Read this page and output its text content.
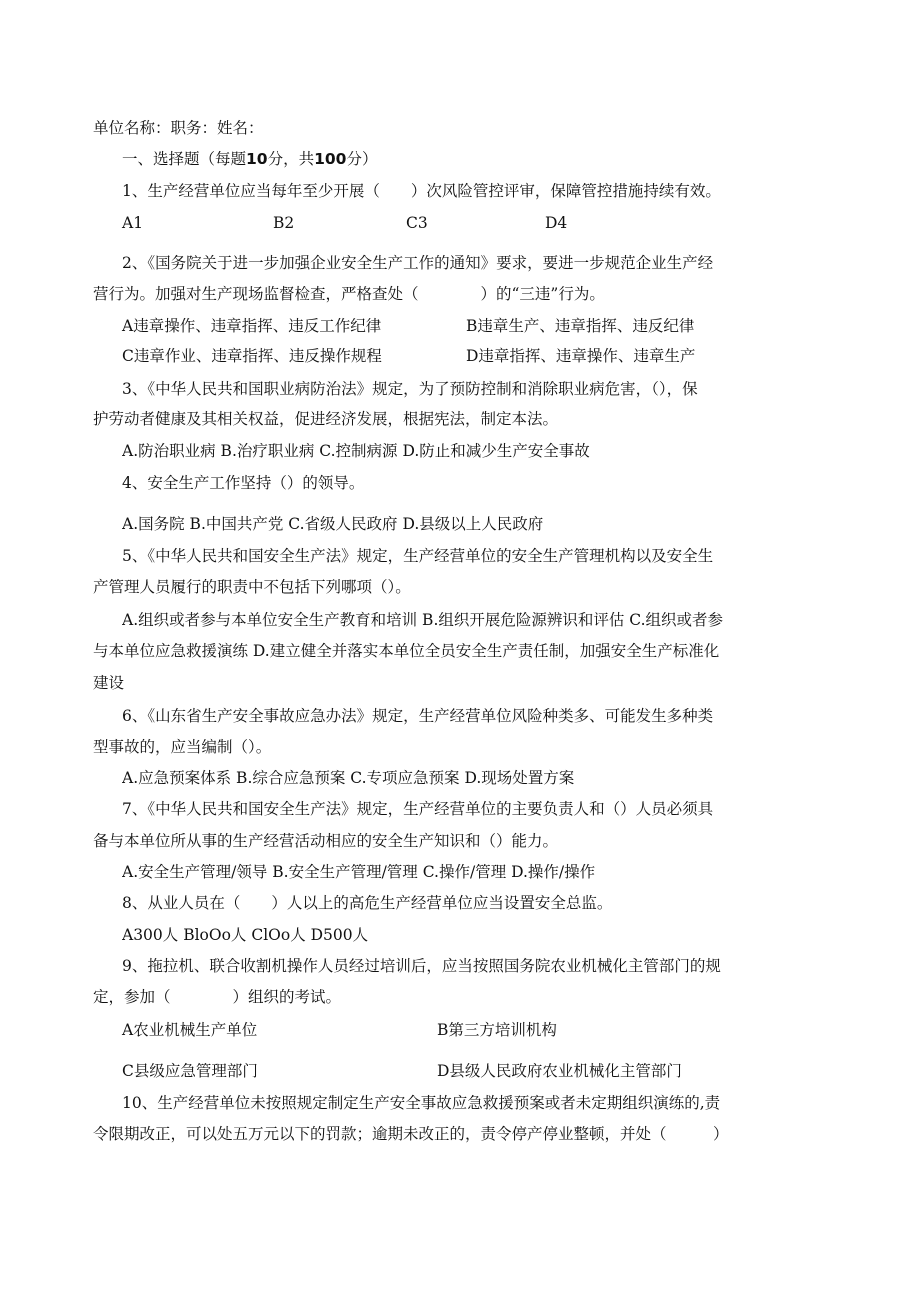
单位名称：职务：姓名：
一、选择题（每题10分，共100分）
1、生产经营单位应当每年至少开展（　　）次风险管控评审，保障管控措施持续有效。
A1	B2	C3	D4
2、《国务院关于进一步加强企业安全生产工作的通知》要求，要进一步规范企业生产经
营行为。加强对生产现场监督检查，严格查处（　　　　）的“三违”行为。
A违章操作、违章指挥、违反工作纪律	B违章生产、违章指挥、违反纪律
C违章作业、违章指挥、违反操作规程	D违章指挥、违章操作、违章生产
3、《中华人民共和国职业病防治法》规定，为了预防控制和消除职业病危害，（），保
护劳动者健康及其相关权益，促进经济发展，根据宪法，制定本法。
A.防治职业病 B.治疗职业病 C.控制病源 D.防止和减少生产安全事故
4、安全生产工作坚持（）的领导。
A.国务院 B.中国共产党 C.省级人民政府 D.县级以上人民政府
5、《中华人民共和国安全生产法》规定，生产经营单位的安全生产管理机构以及安全生
产管理人员履行的职责中不包括下列哪项（）。
A.组织或者参与本单位安全生产教育和培训 B.组织开展危险源辨识和评估 C.组织或者参
与本单位应急救援演练 D.建立健全并落实本单位全员安全生产责任制，加强安全生产标准化
建设
6、《山东省生产安全事故应急办法》规定，生产经营单位风险种类多、可能发生多种类
型事故的，应当编制（）。
A.应急预案体系 B.综合应急预案 C.专项应急预案 D.现场处置方案
7、《中华人民共和国安全生产法》规定，生产经营单位的主要负责人和（）人员必须具
备与本单位所从事的生产经营活动相应的安全生产知识和（）能力。
A.安全生产管理/领导 B.安全生产管理/管理 C.操作/管理 D.操作/操作
8、从业人员在（　　）人以上的高危生产经营单位应当设置安全总监。
A300人 BloOo人 ClOo人 D500人
9、拖拉机、联合收割机操作人员经过培训后，应当按照国务院农业机械化主管部门的规
定，参加（　　　　）组织的考试。
A农业机械生产单位	B第三方培训机构
C县级应急管理部门	D县级人民政府农业机械化主管部门
10、生产经营单位未按照规定制定生产安全事故应急救援预案或者未定期组织演练的,责
令限期改正，可以处五万元以下的罚款；逾期未改正的，责令停产停业整顿，并处（　　　）
